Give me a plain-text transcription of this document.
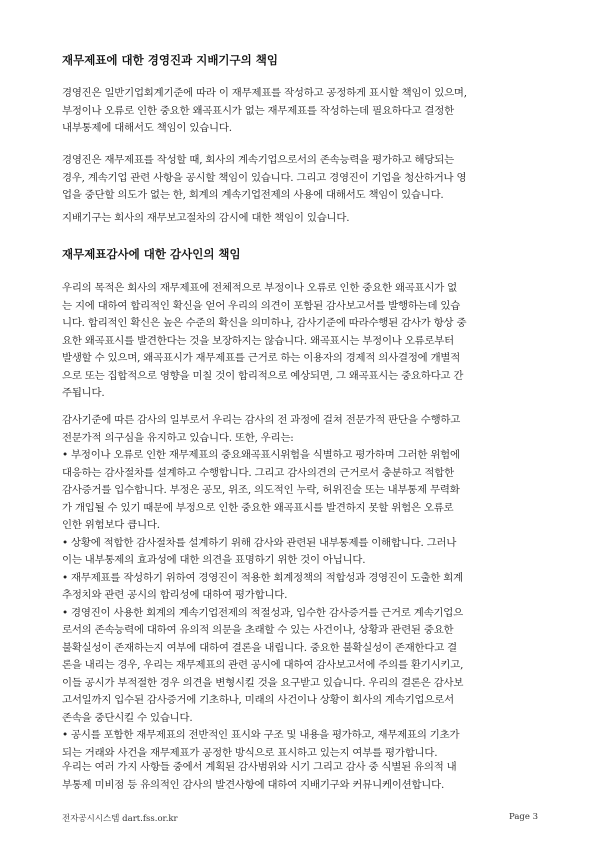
재무제표에 대한 경영진과 지배기구의 책임

경영진은 일반기업회계기준에 따라 이 재무제표를 작성하고 공정하게 표시할 책임이 있으며,
부정이나 오류로 인한 중요한 왜곡표시가 없는 재무제표를 작성하는데 필요하다고 결정한
내부통제에 대해서도 책임이 있습니다.

경영진은 재무제표를 작성할 때, 회사의 계속기업으로서의 존속능력을 평가하고 해당되는
경우, 계속기업 관련 사항을 공시할 책임이 있습니다. 그리고 경영진이 기업을 청산하거나 영
업을 중단할 의도가 없는 한, 회계의 계속기업전제의 사용에 대해서도 책임이 있습니다.

지배기구는 회사의 재무보고절차의 감시에 대한 책임이 있습니다.

재무제표감사에 대한 감사인의 책임

우리의 목적은 회사의 재무제표에 전체적으로 부정이나 오류로 인한 중요한 왜곡표시가 없
는 지에 대하여 합리적인 확신을 얻어 우리의 의견이 포함된 감사보고서를 발행하는데 있습
니다. 합리적인 확신은 높은 수준의 확신을 의미하나, 감사기준에 따라수행된 감사가 항상 중
요한 왜곡표시를 발견한다는 것을 보장하지는 않습니다. 왜곡표시는 부정이나 오류로부터
발생할 수 있으며, 왜곡표시가 재무제표를 근거로 하는 이용자의 경제적 의사결정에 개별적
으로 또는 집합적으로 영향을 미칠 것이 합리적으로 예상되면, 그 왜곡표시는 중요하다고 간
주됩니다.

감사기준에 따른 감사의 일부로서 우리는 감사의 전 과정에 걸쳐 전문가적 판단을 수행하고
전문가적 의구심을 유지하고 있습니다. 또한, 우리는:
• 부정이나 오류로 인한 재무제표의 중요왜곡표시위험을 식별하고 평가하며 그러한 위험에
대응하는 감사절차를 설계하고 수행합니다. 그리고 감사의견의 근거로서 충분하고 적합한
감사증거를 입수합니다. 부정은 공모, 위조, 의도적인 누락, 허위진술 또는 내부통제 무력화
가 개입될 수 있기 때문에 부정으로 인한 중요한 왜곡표시를 발견하지 못할 위험은 오류로
인한 위험보다 큽니다.
• 상황에 적합한 감사절차를 설계하기 위해 감사와 관련된 내부통제를 이해합니다. 그러나
이는 내부통제의 효과성에 대한 의견을 표명하기 위한 것이 아닙니다.
• 재무제표를 작성하기 위하여 경영진이 적용한 회계정책의 적합성과 경영진이 도출한 회계
추정치와 관련 공시의 합리성에 대하여 평가합니다.
• 경영진이 사용한 회계의 계속기업전제의 적절성과, 입수한 감사증거를 근거로 계속기업으
로서의 존속능력에 대하여 유의적 의문을 초래할 수 있는 사건이나, 상황과 관련된 중요한
불확실성이 존재하는지 여부에 대하여 결론을 내립니다. 중요한 불확실성이 존재한다고 결
론을 내리는 경우, 우리는 재무제표의 관련 공시에 대하여 감사보고서에 주의를 환기시키고,
이들 공시가 부적절한 경우 의견을 변형시킬 것을 요구받고 있습니다. 우리의 결론은 감사보
고서일까지 입수된 감사증거에 기초하나, 미래의 사건이나 상황이 회사의 계속기업으로서
존속을 중단시킬 수 있습니다.
• 공시를 포함한 재무제표의 전반적인 표시와 구조 및 내용을 평가하고, 재무제표의 기초가
되는 거래와 사건을 재무제표가 공정한 방식으로 표시하고 있는지 여부를 평가합니다.

우리는 여러 가지 사항들 중에서 계획된 감사범위와 시기 그리고 감사 중 식별된 유의적 내
부통제 미비점 등 유의적인 감사의 발견사항에 대하여 지배기구와 커뮤니케이션합니다.

전자공시시스템 dart.fss.or.kr	Page 3
